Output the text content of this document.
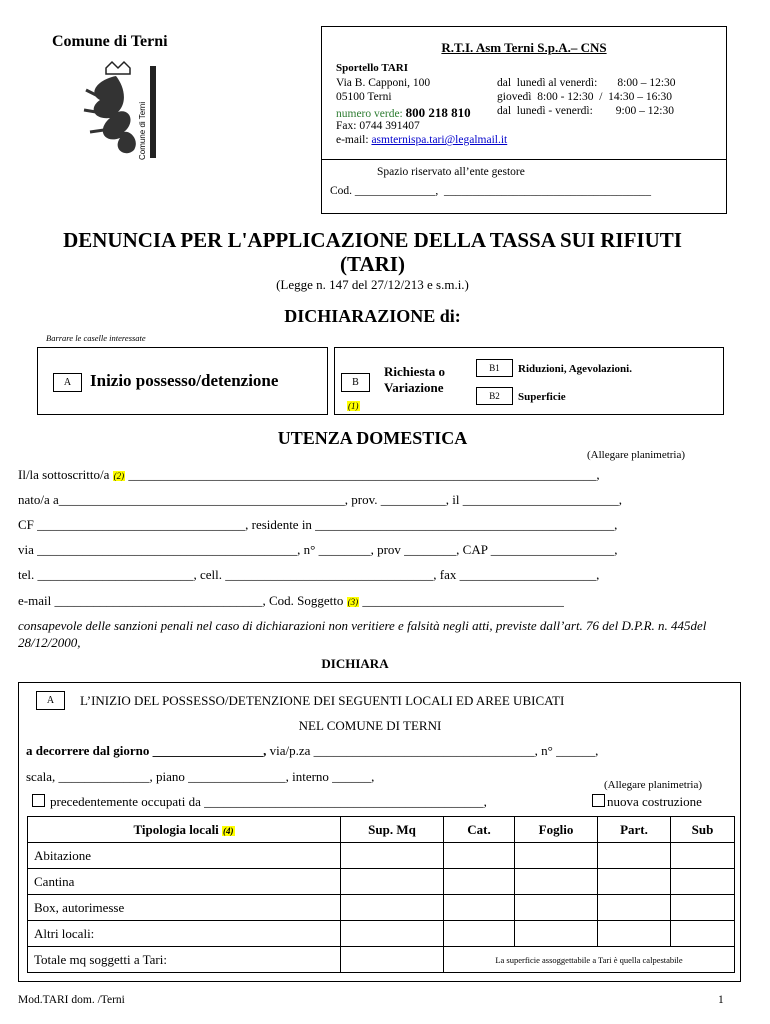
Comune di Terni
Comune di Terni
R.T.I. Asm Terni S.p.A.– CNS
Sportello TARI
Via B. Capponi, 100
05100 Terni
numero verde: 800 218 810
Fax: 0744 391407
e-mail: asmternispa.tari@legalmail.it
dal  lunedì al venerdì:       8:00 – 12:30
giovedì  8:00 - 12:30  /  14:30 – 16:30
dal  lunedì - venerdì:        9:00 – 12:30
Spazio riservato all’ente gestore
Cod. ______________,  ____________________________________
DENUNCIA PER L'APPLICAZIONE DELLA TASSA SUI RIFIUTI
(TARI)
(Legge n. 147 del 27/12/213 e s.m.i.)
DICHIARAZIONE di:
Barrare le caselle interessate
A	Inizio possesso/detenzione	B
(1)
Richiesta o
Variazione
B1	Riduzioni, Agevolazioni.
B2	Superficie
UTENZA DOMESTICA
(Allegare planimetria)
Il/la sottoscritto/a (2) ________________________________________________________________________,
nato/a a____________________________________________, prov. __________, il ________________________,
CF ________________________________, residente in ______________________________________________,
via ________________________________________, n° ________, prov ________, CAP ___________________,
tel. ________________________, cell. ________________________________, fax _____________________,
e-mail ________________________________, Cod. Soggetto (3) _______________________________
consapevole delle sanzioni penali nel caso di dichiarazioni non veritiere e falsità negli atti, previste dall’art. 76 del D.P.R. n. 445del 28/12/2000,
DICHIARA
A	L’INIZIO DEL POSSESSO/DETENZIONE DEI SEGUENTI LOCALI ED AREE UBICATI
NEL COMUNE DI TERNI
a decorrere dal giorno _________________, via/p.za __________________________________, n° ______,
scala, ______________, piano _______________, interno ______,
(Allegare planimetria)
precedentemente occupati da ___________________________________________,	nuova costruzione
Tipologia locali (4)	Sup. Mq	Cat.	Foglio	Part.	Sub
Abitazione					
Cantina					
Box, autorimesse					
Altri locali:					
Totale mq soggetti a Tari:		La superficie assoggettabile a Tari è quella calpestabile			
Mod.TARI dom. /Terni	1
